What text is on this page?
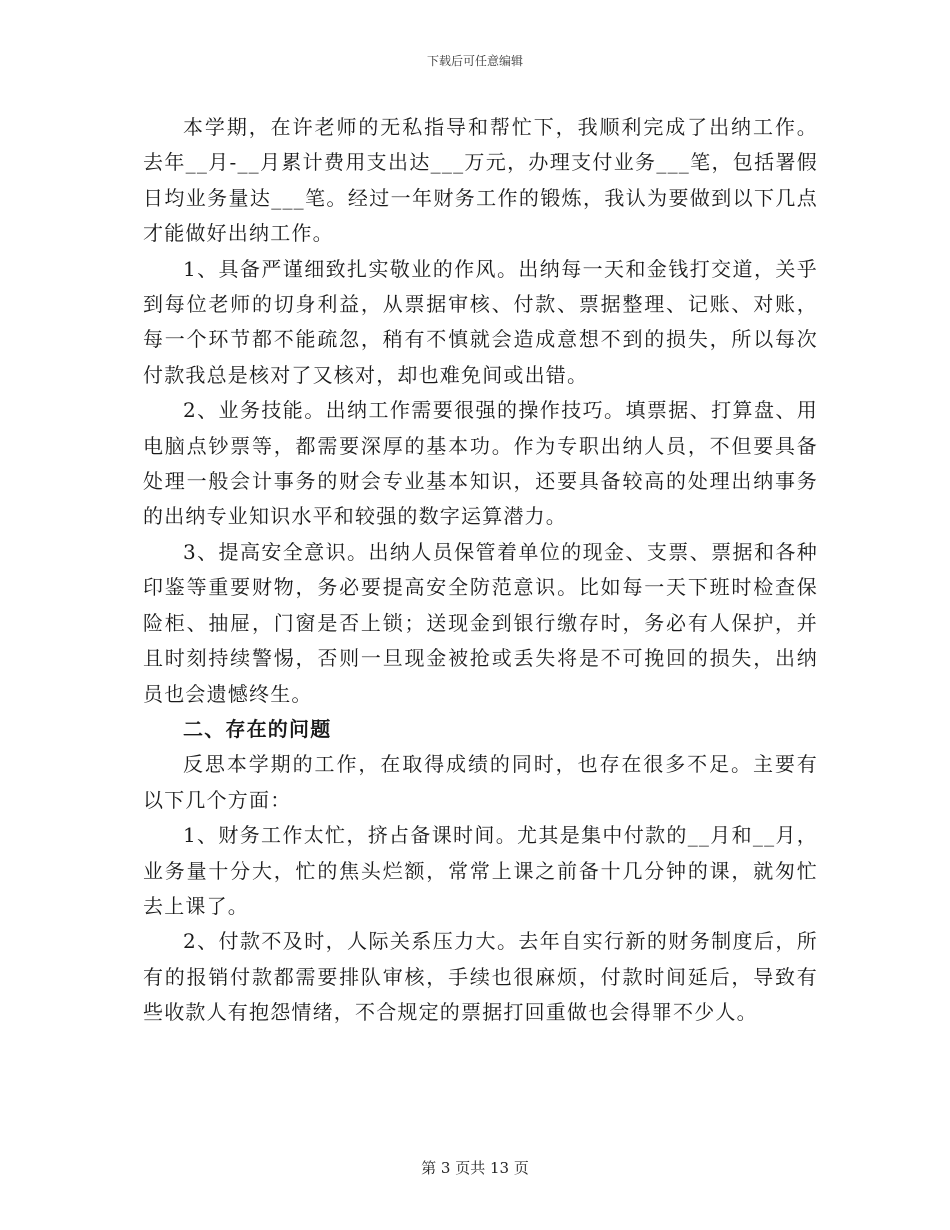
下载后可任意编辑

本学期，在许老师的无私指导和帮忙下，我顺利完成了出纳工作。去年__月-__月累计费用支出达___万元，办理支付业务___笔，包括署假日均业务量达___笔。经过一年财务工作的锻炼，我认为要做到以下几点才能做好出纳工作。

1、具备严谨细致扎实敬业的作风。出纳每一天和金钱打交道，关乎到每位老师的切身利益，从票据审核、付款、票据整理、记账、对账，每一个环节都不能疏忽，稍有不慎就会造成意想不到的损失，所以每次付款我总是核对了又核对，却也难免间或出错。

2、业务技能。出纳工作需要很强的操作技巧。填票据、打算盘、用电脑点钞票等，都需要深厚的基本功。作为专职出纳人员，不但要具备处理一般会计事务的财会专业基本知识，还要具备较高的处理出纳事务的出纳专业知识水平和较强的数字运算潜力。

3、提高安全意识。出纳人员保管着单位的现金、支票、票据和各种印鉴等重要财物，务必要提高安全防范意识。比如每一天下班时检查保险柜、抽屉，门窗是否上锁；送现金到银行缴存时，务必有人保护，并且时刻持续警惕，否则一旦现金被抢或丢失将是不可挽回的损失，出纳员也会遗憾终生。

二、存在的问题

反思本学期的工作，在取得成绩的同时，也存在很多不足。主要有以下几个方面：

1、财务工作太忙，挤占备课时间。尤其是集中付款的__月和__月，业务量十分大，忙的焦头烂额，常常上课之前备十几分钟的课，就匆忙去上课了。

2、付款不及时，人际关系压力大。去年自实行新的财务制度后，所有的报销付款都需要排队审核，手续也很麻烦，付款时间延后，导致有些收款人有抱怨情绪，不合规定的票据打回重做也会得罪不少人。

第 3 页共 13 页
